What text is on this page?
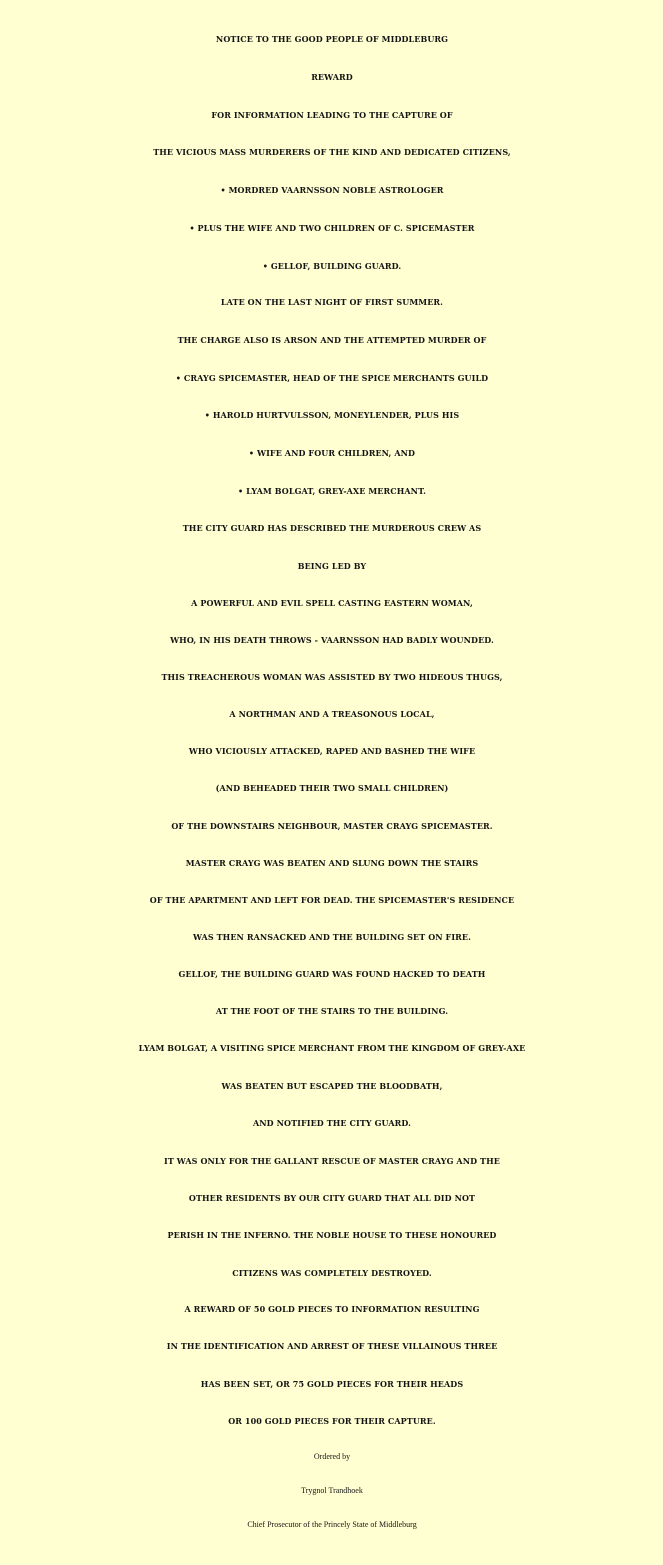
NOTICE TO THE GOOD PEOPLE OF MIDDLEBURG
REWARD
FOR INFORMATION LEADING TO THE CAPTURE OF
THE VICIOUS MASS MURDERERS OF THE KIND AND DEDICATED CITIZENS,
• MORDRED VAARNSSON NOBLE ASTROLOGER
• PLUS THE WIFE AND TWO CHILDREN OF C. SPICEMASTER
• GELLOF, BUILDING GUARD.
LATE ON THE LAST NIGHT OF FIRST SUMMER.
THE CHARGE ALSO IS ARSON AND THE ATTEMPTED MURDER OF
• CRAYG SPICEMASTER, HEAD OF THE SPICE MERCHANTS GUILD
• HAROLD HURTVULSSON, MONEYLENDER, PLUS HIS
• WIFE AND FOUR CHILDREN, AND
• LYAM BOLGAT, GREY-AXE MERCHANT.
THE CITY GUARD HAS DESCRIBED THE MURDEROUS CREW AS
BEING LED BY
A POWERFUL AND EVIL SPELL CASTING EASTERN WOMAN,
WHO, IN HIS DEATH THROWS - VAARNSSON HAD BADLY WOUNDED.
THIS TREACHEROUS WOMAN WAS ASSISTED BY TWO HIDEOUS THUGS,
A NORTHMAN AND A TREASONOUS LOCAL,
WHO VICIOUSLY ATTACKED, RAPED AND BASHED THE WIFE
(AND BEHEADED THEIR TWO SMALL CHILDREN)
OF THE DOWNSTAIRS NEIGHBOUR, MASTER CRAYG SPICEMASTER.
MASTER CRAYG WAS BEATEN AND SLUNG DOWN THE STAIRS
OF THE APARTMENT AND LEFT FOR DEAD. THE SPICEMASTER'S RESIDENCE
WAS THEN RANSACKED AND THE BUILDING SET ON FIRE.
GELLOF, THE BUILDING GUARD WAS FOUND HACKED TO DEATH
AT THE FOOT OF THE STAIRS TO THE BUILDING.
LYAM BOLGAT, A VISITING SPICE MERCHANT FROM THE KINGDOM OF GREY-AXE
WAS BEATEN BUT ESCAPED THE BLOODBATH,
AND NOTIFIED THE CITY GUARD.
IT WAS ONLY FOR THE GALLANT RESCUE OF MASTER CRAYG AND THE
OTHER RESIDENTS BY OUR CITY GUARD THAT ALL DID NOT
PERISH IN THE INFERNO. THE NOBLE HOUSE TO THESE HONOURED
CITIZENS WAS COMPLETELY DESTROYED.
A REWARD OF 50 GOLD PIECES TO INFORMATION RESULTING
IN THE IDENTIFICATION AND ARREST OF THESE VILLAINOUS THREE
HAS BEEN SET, OR 75 GOLD PIECES FOR THEIR HEADS
OR 100 GOLD PIECES FOR THEIR CAPTURE.
Ordered by
Trygnol Trandhoek
Chief Prosecutor of the Princely State of Middleburg
